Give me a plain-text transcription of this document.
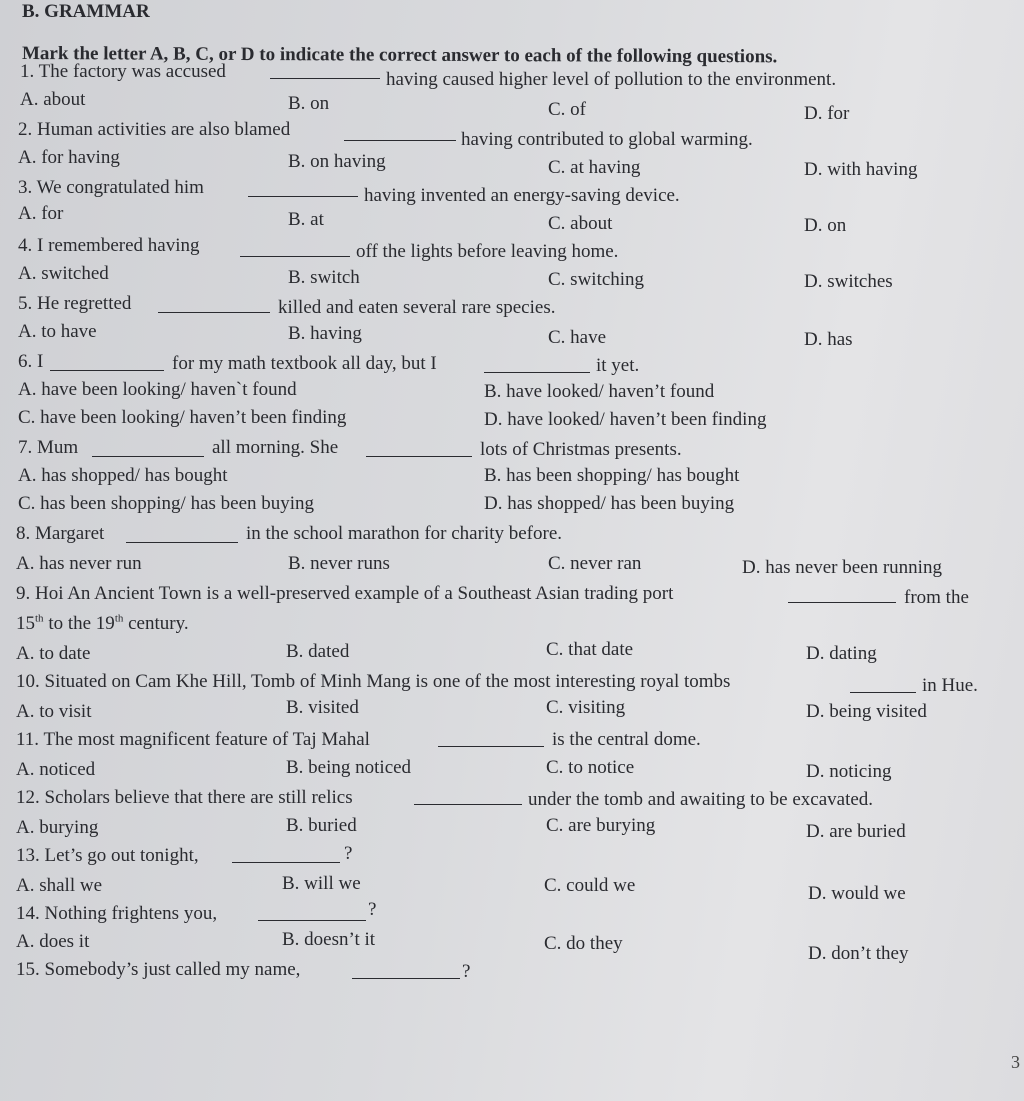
B. GRAMMAR
Mark the letter A, B, C, or D to indicate the correct answer to each of the following questions.
1. The factory was accused	having caused higher level of pollution to the environment.
A. about	B. on	C. of	D. for
2. Human activities are also blamed	having contributed to global warming.
A. for having	B. on having	C. at having	D. with having
3. We congratulated him	having invented an energy-saving device.
A. for	B. at	C. about	D. on
4. I remembered having	off the lights before leaving home.
A. switched	B. switch	C. switching	D. switches
5. He regretted	killed and eaten several rare species.
A. to have	B. having	C. have	D. has
6. I	for my math textbook all day, but I	it yet.
A. have been looking/ haven`t found	B. have looked/ haven’t found
C. have been looking/ haven’t been finding	D. have looked/ haven’t been finding
7. Mum	all morning. She	lots of Christmas presents.
A. has shopped/ has bought	B. has been shopping/ has bought
C. has been shopping/ has been buying	D. has shopped/ has been buying
8. Margaret	in the school marathon for charity before.
A. has never run	B. never runs	C. never ran	D. has never been running
9. Hoi An Ancient Town is a well-preserved example of a Southeast Asian trading port	from the
15th to the 19th century.
A. to date	B. dated	C. that date	D. dating
10. Situated on Cam Khe Hill, Tomb of Minh Mang is one of the most interesting royal tombs	in Hue.
A. to visit	B. visited	C. visiting	D. being visited
11. The most magnificent feature of Taj Mahal	is the central dome.
A. noticed	B. being noticed	C. to notice	D. noticing
12. Scholars believe that there are still relics	under the tomb and awaiting to be excavated.
A. burying	B. buried	C. are burying	D. are buried
13. Let’s go out tonight,	?
A. shall we	B. will we	C. could we	D. would we
14. Nothing frightens you,	?
A. does it	B. doesn’t it	C. do they	D. don’t they
15. Somebody’s just called my name,	?
3
